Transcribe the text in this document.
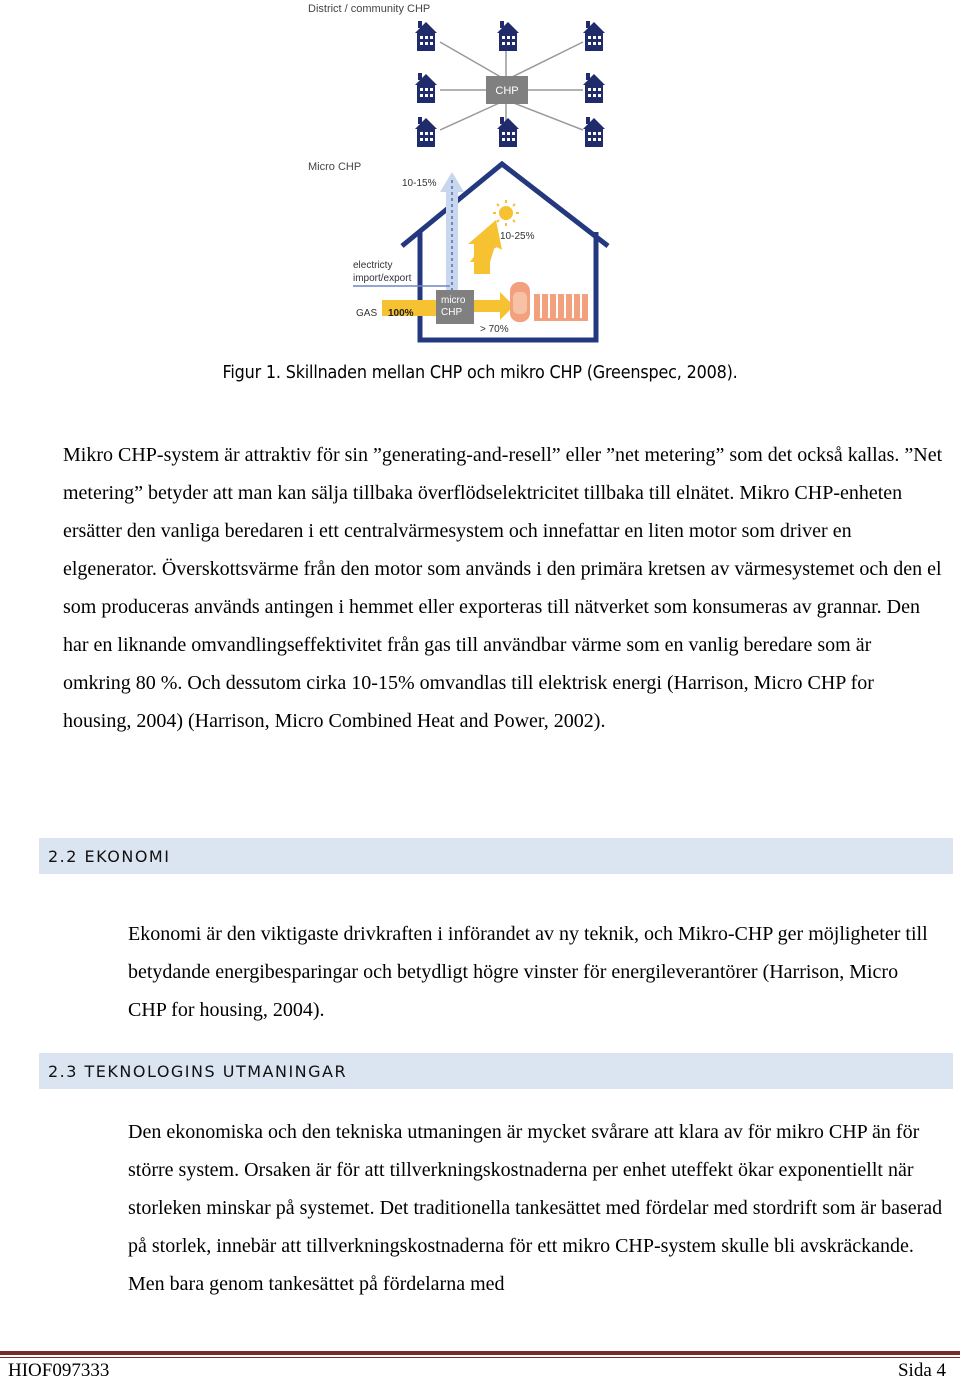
District / community CHP
CHP
Micro CHP
10-15%
10-25%
electricty
import/export
GAS 100%
micro
CHP
> 70%
Figur 1. Skillnaden mellan CHP och mikro CHP (Greenspec, 2008).

Mikro CHP-system är attraktiv för sin ”generating-and-resell” eller ”net metering” som det också kallas. ”Net metering” betyder att man kan sälja tillbaka överflödselektricitet tillbaka till elnätet. Mikro CHP-enheten ersätter den vanliga beredaren i ett centralvärmesystem och innefattar en liten motor som driver en elgenerator. Överskottsvärme från den motor som används i den primära kretsen av värmesystemet och den el som produceras används antingen i hemmet eller exporteras till nätverket som konsumeras av grannar. Den har en liknande omvandlingseffektivitet från gas till användbar värme som en vanlig beredare som är omkring 80 %. Och dessutom cirka 10-15% omvandlas till elektrisk energi (Harrison, Micro CHP for housing, 2004) (Harrison, Micro Combined Heat and Power, 2002).

2.2 EKONOMI

Ekonomi är den viktigaste drivkraften i införandet av ny teknik, och Mikro-CHP ger möjligheter till betydande energibesparingar och betydligt högre vinster för energileverantörer (Harrison, Micro CHP for housing, 2004).

2.3 TEKNOLOGINS UTMANINGAR

Den ekonomiska och den tekniska utmaningen är mycket svårare att klara av för mikro CHP än för större system. Orsaken är för att tillverkningskostnaderna per enhet uteffekt ökar exponentiellt när storleken minskar på systemet. Det traditionella tankesättet med fördelar med stordrift som är baserad på storlek, innebär att tillverkningskostnaderna för ett mikro CHP-system skulle bli avskräckande. Men bara genom tankesättet på fördelarna med

HIOF097333	Sida 4
